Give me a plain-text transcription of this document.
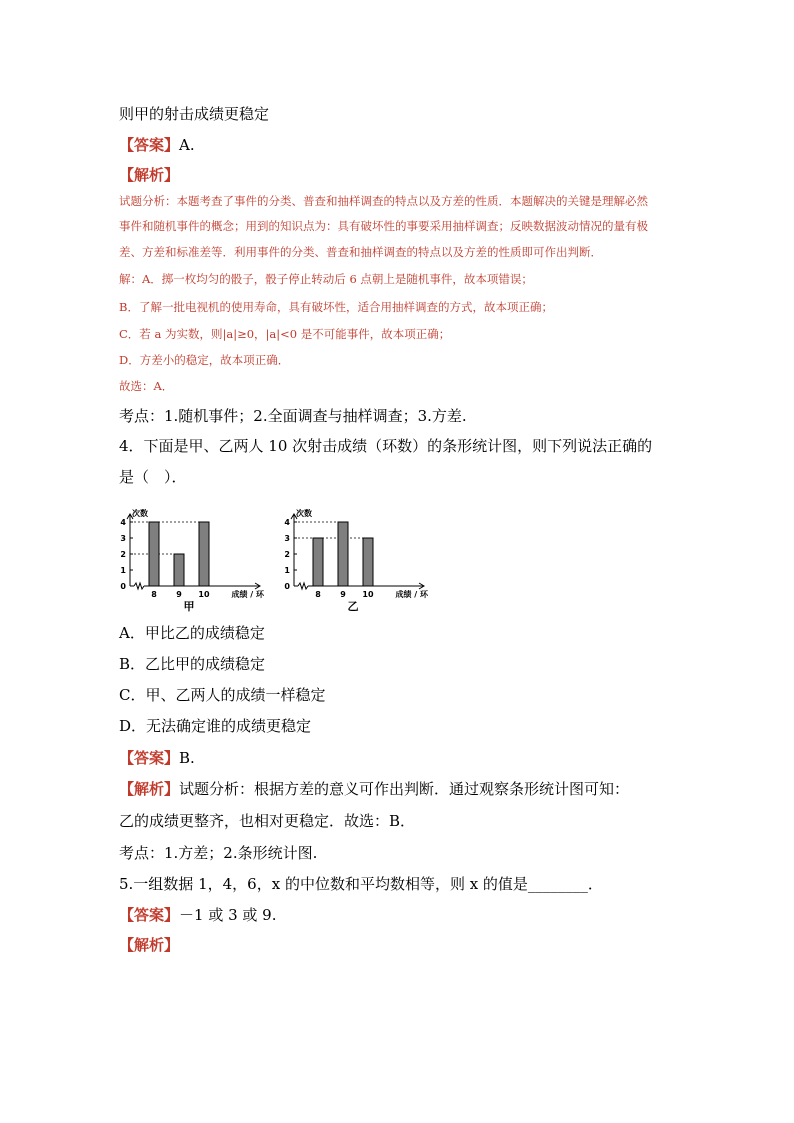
则甲的射击成绩更稳定
【答案】A.
【解析】
试题分析：本题考查了事件的分类、普查和抽样调查的特点以及方差的性质．本题解决的关键是理解必然
事件和随机事件的概念；用到的知识点为：具有破坏性的事要采用抽样调查；反映数据波动情况的量有极
差、方差和标准差等．利用事件的分类、普查和抽样调查的特点以及方差的性质即可作出判断．
解：A．掷一枚均匀的骰子，骰子停止转动后 6 点朝上是随机事件，故本项错误；
B．了解一批电视机的使用寿命，具有破坏性，适合用抽样调查的方式，故本项正确；
C．若 a 为实数，则|a|≥0，|a|<0 是不可能事件，故本项正确；
D．方差小的稳定，故本项正确．
故选：A．
考点：1.随机事件；2.全面调查与抽样调查；3.方差.
4．下面是甲、乙两人 10 次射击成绩（环数）的条形统计图，则下列说法正确的
是（　）．
次数
0
1
2
3
4
8 9 10	成绩 / 环
甲
次数
0
1
2
3
4
8 9 10	成绩 / 环
乙
A．甲比乙的成绩稳定
B．乙比甲的成绩稳定
C．甲、乙两人的成绩一样稳定
D．无法确定谁的成绩更稳定
【答案】B.
【解析】试题分析：根据方差的意义可作出判断．通过观察条形统计图可知：
乙的成绩更整齐，也相对更稳定．故选：B．
考点：1.方差；2.条形统计图.
5.一组数据 1，4，6，x 的中位数和平均数相等，则 x 的值是________．
【答案】－1 或 3 或 9.
【解析】
